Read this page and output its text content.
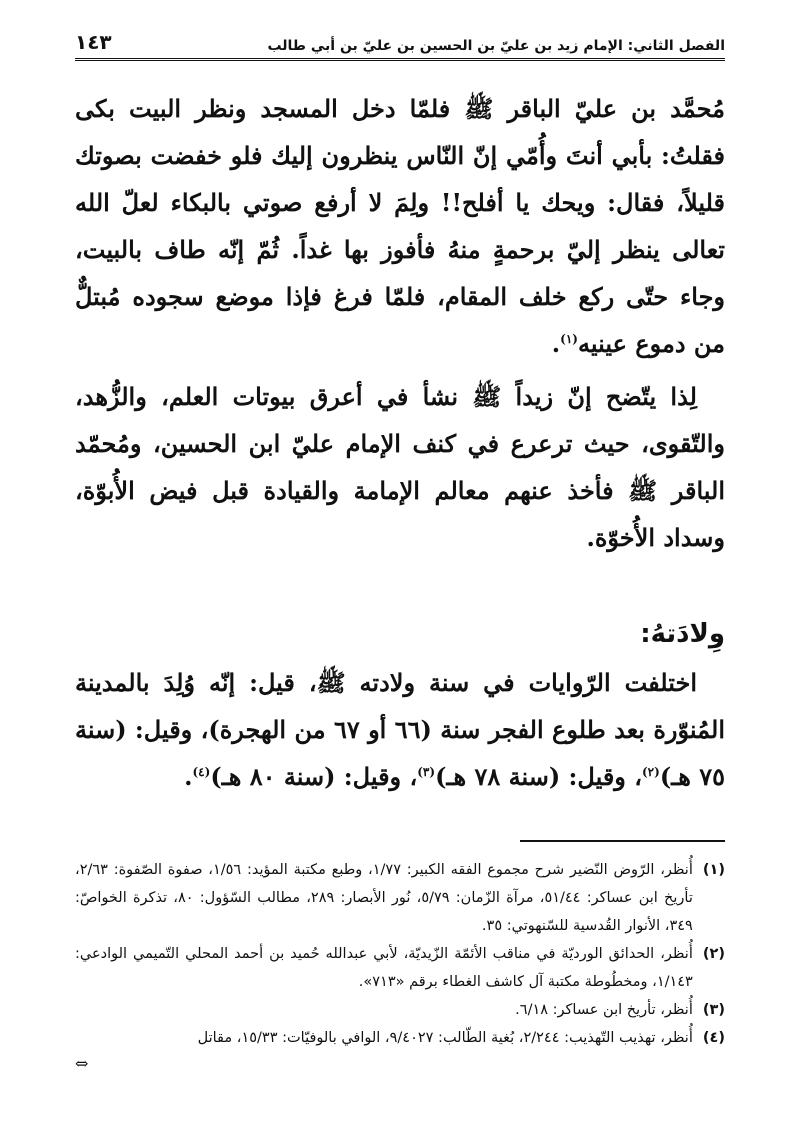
الفصل الثاني: الإمام زيد بن عليّ بن الحسين بن عليّ بن أبي طالب
١٤٣

مُحمَّد بن عليّ الباقر ﷺ فلمّا دخل المسجد ونظر البيت بكى فقلتُ: بأبي أنتَ وأُمّي إنّ النّاس ينظرون إليك فلو خفضت بصوتك قليلاً، فقال: ويحك يا أفلح!! ولِمَ لا أرفع صوتي بالبكاء لعلّ الله تعالى ينظر إليّ برحمةٍ منهُ فأفوز بها غداً. ثُمّ إنّه طاف بالبيت، وجاء حتّى ركع خلف المقام، فلمّا فرغ فإذا موضع سجوده مُبتلٌّ من دموع عينيه$^{(١)}$.

لِذا يتّضح إنّ زيداً ﷺ نشأ في أعرق بيوتات العلم، والزُّهد، والتّقوى، حيث ترعرع في كنف الإمام عليّ ابن الحسين، ومُحمّد الباقر ﷺ فأخذ عنهم معالم الإمامة والقيادة قبل فيض الأُبوّة، وسداد الأُخوّة.

وِلادَتهُ:

اختلفت الرّوايات في سنة ولادته ﷺ، قيل: إنّه وُلِدَ بالمدينة المُنوّرة بعد طلوع الفجر سنة (٦٦ أو ٦٧ من الهجرة)، وقيل: (سنة ٧٥ هـ)$^{(٢)}$، وقيل: (سنة ٧٨ هـ)$^{(٣)}$، وقيل: (سنة ٨٠ هـ)$^{(٤)}$.

(١)
أُنظر، الرّوض النّضير شرح مجموع الفقه الكبير: ١/٧٧، وطبع مكتبة المؤيد: ١/٥٦، صفوة الصّفوة: ٢/٦٣، تأريخ ابن عساكر: ٥١/٤٤، مرآة الزّمان: ٥/٧٩، نُور الأبصار: ٢٨٩، مطالب السّؤول: ٨٠، تذكرة الخواصّ: ٣٤٩، الأنوار القُدسية للسّنهوتي: ٣٥.
(٢)
أُنظر، الحدائق الورديّة في مناقب الأئمّة الزّيديّة، لأبي عبدالله حُميد بن أحمد المحلي التّميمي الوادعي: ١/١٤٣، ومخطُوطة مكتبة آل كاشف الغطاء برقم «٧١٣».
(٣)
أُنظر، تأريخ ابن عساكر: ٦/١٨.
(٤)
أُنظر، تهذيب التّهذيب: ٢/٢٤٤، بُغية الطّالب: ٩/٤٠٢٧، الوافي بالوفيّات: ١٥/٣٣، مقاتل
⇔
